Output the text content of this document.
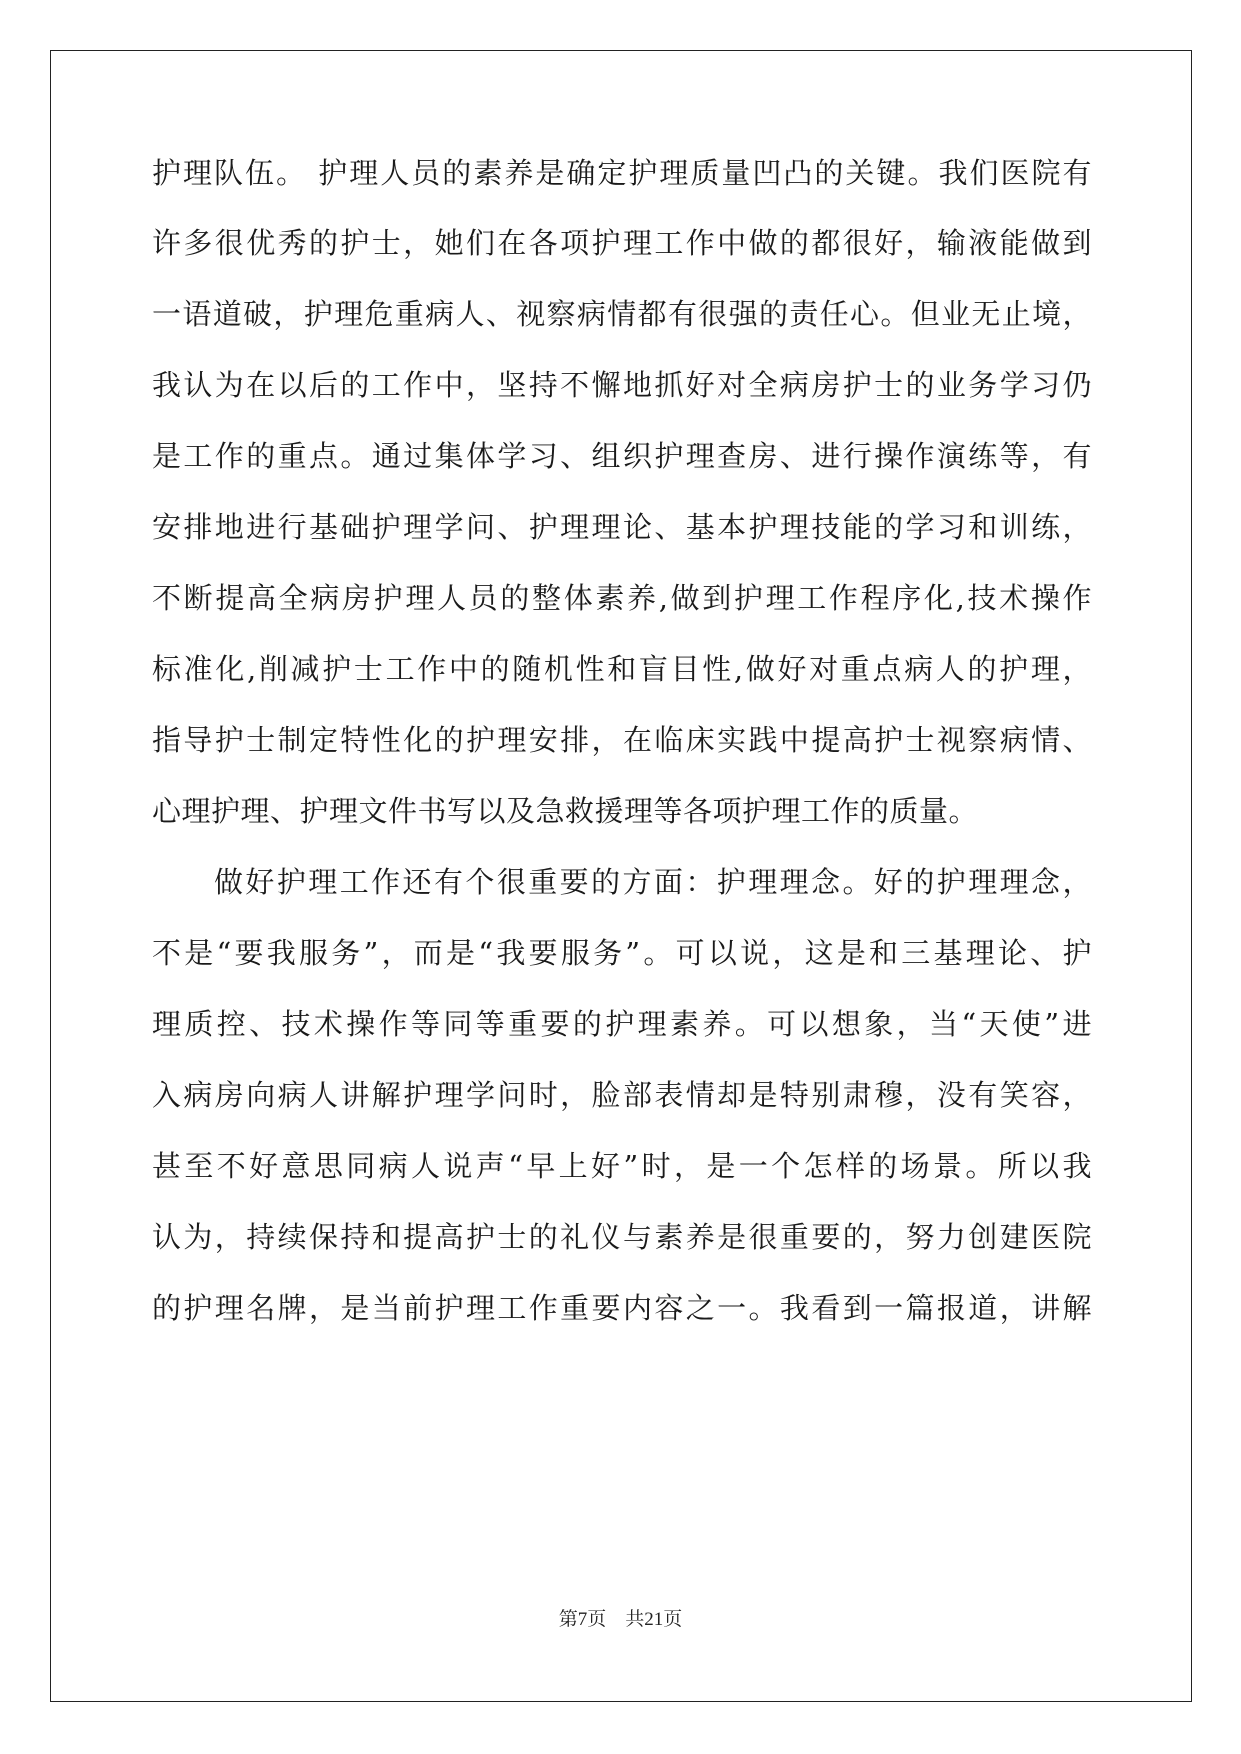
护理队伍。 护理人员的素养是确定护理质量凹凸的关键。我们医院有
许多很优秀的护士，她们在各项护理工作中做的都很好，输液能做到
一语道破，护理危重病人、视察病情都有很强的责任心。但业无止境，
我认为在以后的工作中，坚持不懈地抓好对全病房护士的业务学习仍
是工作的重点。通过集体学习、组织护理查房、进行操作演练等，有
安排地进行基础护理学问、护理理论、基本护理技能的学习和训练，
不断提高全病房护理人员的整体素养,做到护理工作程序化,技术操作
标准化,削减护士工作中的随机性和盲目性,做好对重点病人的护理，
指导护士制定特性化的护理安排，在临床实践中提高护士视察病情、
心理护理、护理文件书写以及急救援理等各项护理工作的质量。
做好护理工作还有个很重要的方面：护理理念。好的护理理念，
不是“要我服务”，而是“我要服务”。可以说，这是和三基理论、护
理质控、技术操作等同等重要的护理素养。可以想象，当“天使”进
入病房向病人讲解护理学问时，脸部表情却是特别肃穆，没有笑容，
甚至不好意思同病人说声“早上好”时，是一个怎样的场景。所以我
认为，持续保持和提高护士的礼仪与素养是很重要的，努力创建医院
的护理名牌，是当前护理工作重要内容之一。我看到一篇报道，讲解
第7页    共21页
